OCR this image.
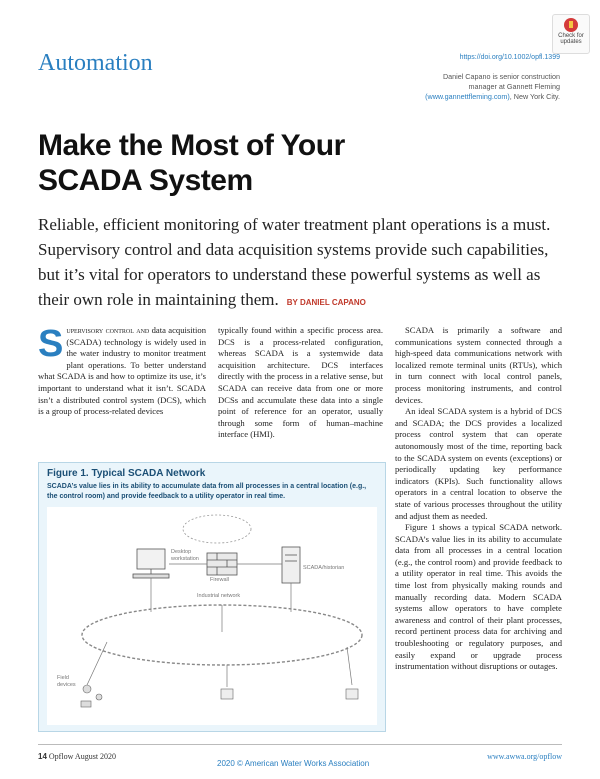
Automation	https://doi.org/10.1002/opfl.1399
Check for
updates
Daniel Capano is senior construction
manager at Gannett Fleming
(www.gannettfleming.com), New York City.
Make the Most of Your
SCADA System
Reliable, efficient monitoring of water treatment plant operations is a must. Supervisory control and data acquisition systems provide such capabilities, but it’s vital for operators to understand these powerful systems as well as their own role in maintaining them. BY DANIEL CAPANO

Supervisory control and data acquisition (SCADA) technology is widely used in the water industry to monitor treatment plant operations. To better understand what SCADA is and how to optimize its use, it’s important to understand what it isn’t. SCADA isn’t a distributed control system (DCS), which is a group of process-related devices

typically found within a specific process area. DCS is a process-related configuration, whereas SCADA is a systemwide data acquisition architecture. DCS interfaces directly with the process in a relative sense, but SCADA can receive data from one or more DCSs and accumulate these data into a single point of reference for an operator, usually through some form of human–machine interface (HMI).

SCADA is primarily a software and communications system connected through a high-speed data communications network with localized remote terminal units (RTUs), which in turn connect with local control panels, process monitoring instruments, and control devices.

An ideal SCADA system is a hybrid of DCS and SCADA; the DCS provides a localized process control system that can operate autonomously most of the time, reporting back to the SCADA system on events (exceptions) or periodically updating key performance indicators (KPIs). Such functionality allows operators in a central location to observe the state of various processes throughout the utility and adjust them as needed.

Figure 1 shows a typical SCADA network. SCADA’s value lies in its ability to accumulate data from all processes in a central location (e.g., the control room) and provide feedback to a utility operator in real time. This avoids the time lost from physically making rounds and manually recording data. Modern SCADA systems allow operators to have complete awareness and control of their plant processes, record pertinent process data for archiving and troubleshooting or regulatory purposes, and easily expand or upgrade process instrumentation without disruptions or outages.

Figure 1. Typical SCADA Network
SCADA’s value lies in its ability to accumulate data from all processes in a central location (e.g., the control room) and provide feedback to a utility operator in real time.
Desktop workstation
Firewall
SCADA/historian
Industrial network
Field devices
14 Opflow August 2020
2020 © American Water Works Association
www.awwa.org/opflow
